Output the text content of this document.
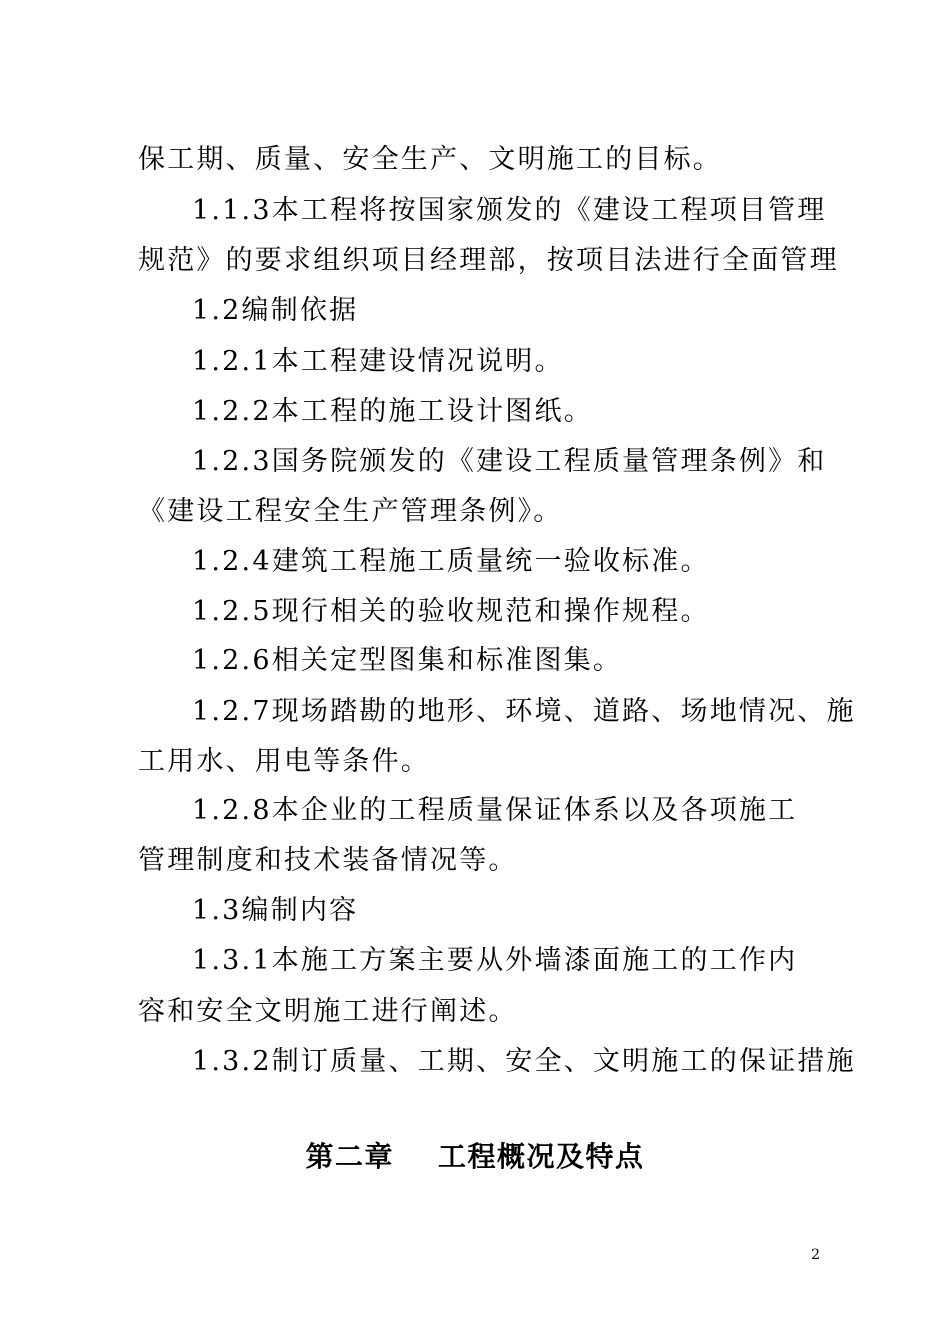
保工期、质量、安全生产、文明施工的目标。
1.1.3本工程将按国家颁发的《建设工程项目管理
规范》的要求组织项目经理部，按项目法进行全面管理
1.2编制依据
1.2.1本工程建设情况说明。
1.2.2本工程的施工设计图纸。
1.2.3国务院颁发的《建设工程质量管理条例》和
《建设工程安全生产管理条例》。
1.2.4建筑工程施工质量统一验收标准。
1.2.5现行相关的验收规范和操作规程。
1.2.6相关定型图集和标准图集。
1.2.7现场踏勘的地形、环境、道路、场地情况、施
工用水、用电等条件。
1.2.8本企业的工程质量保证体系以及各项施工
管理制度和技术装备情况等。
1.3编制内容
1.3.1本施工方案主要从外墙漆面施工的工作内
容和安全文明施工进行阐述。
1.3.2制订质量、工期、安全、文明施工的保证措施
第二章 工程概况及特点
2
